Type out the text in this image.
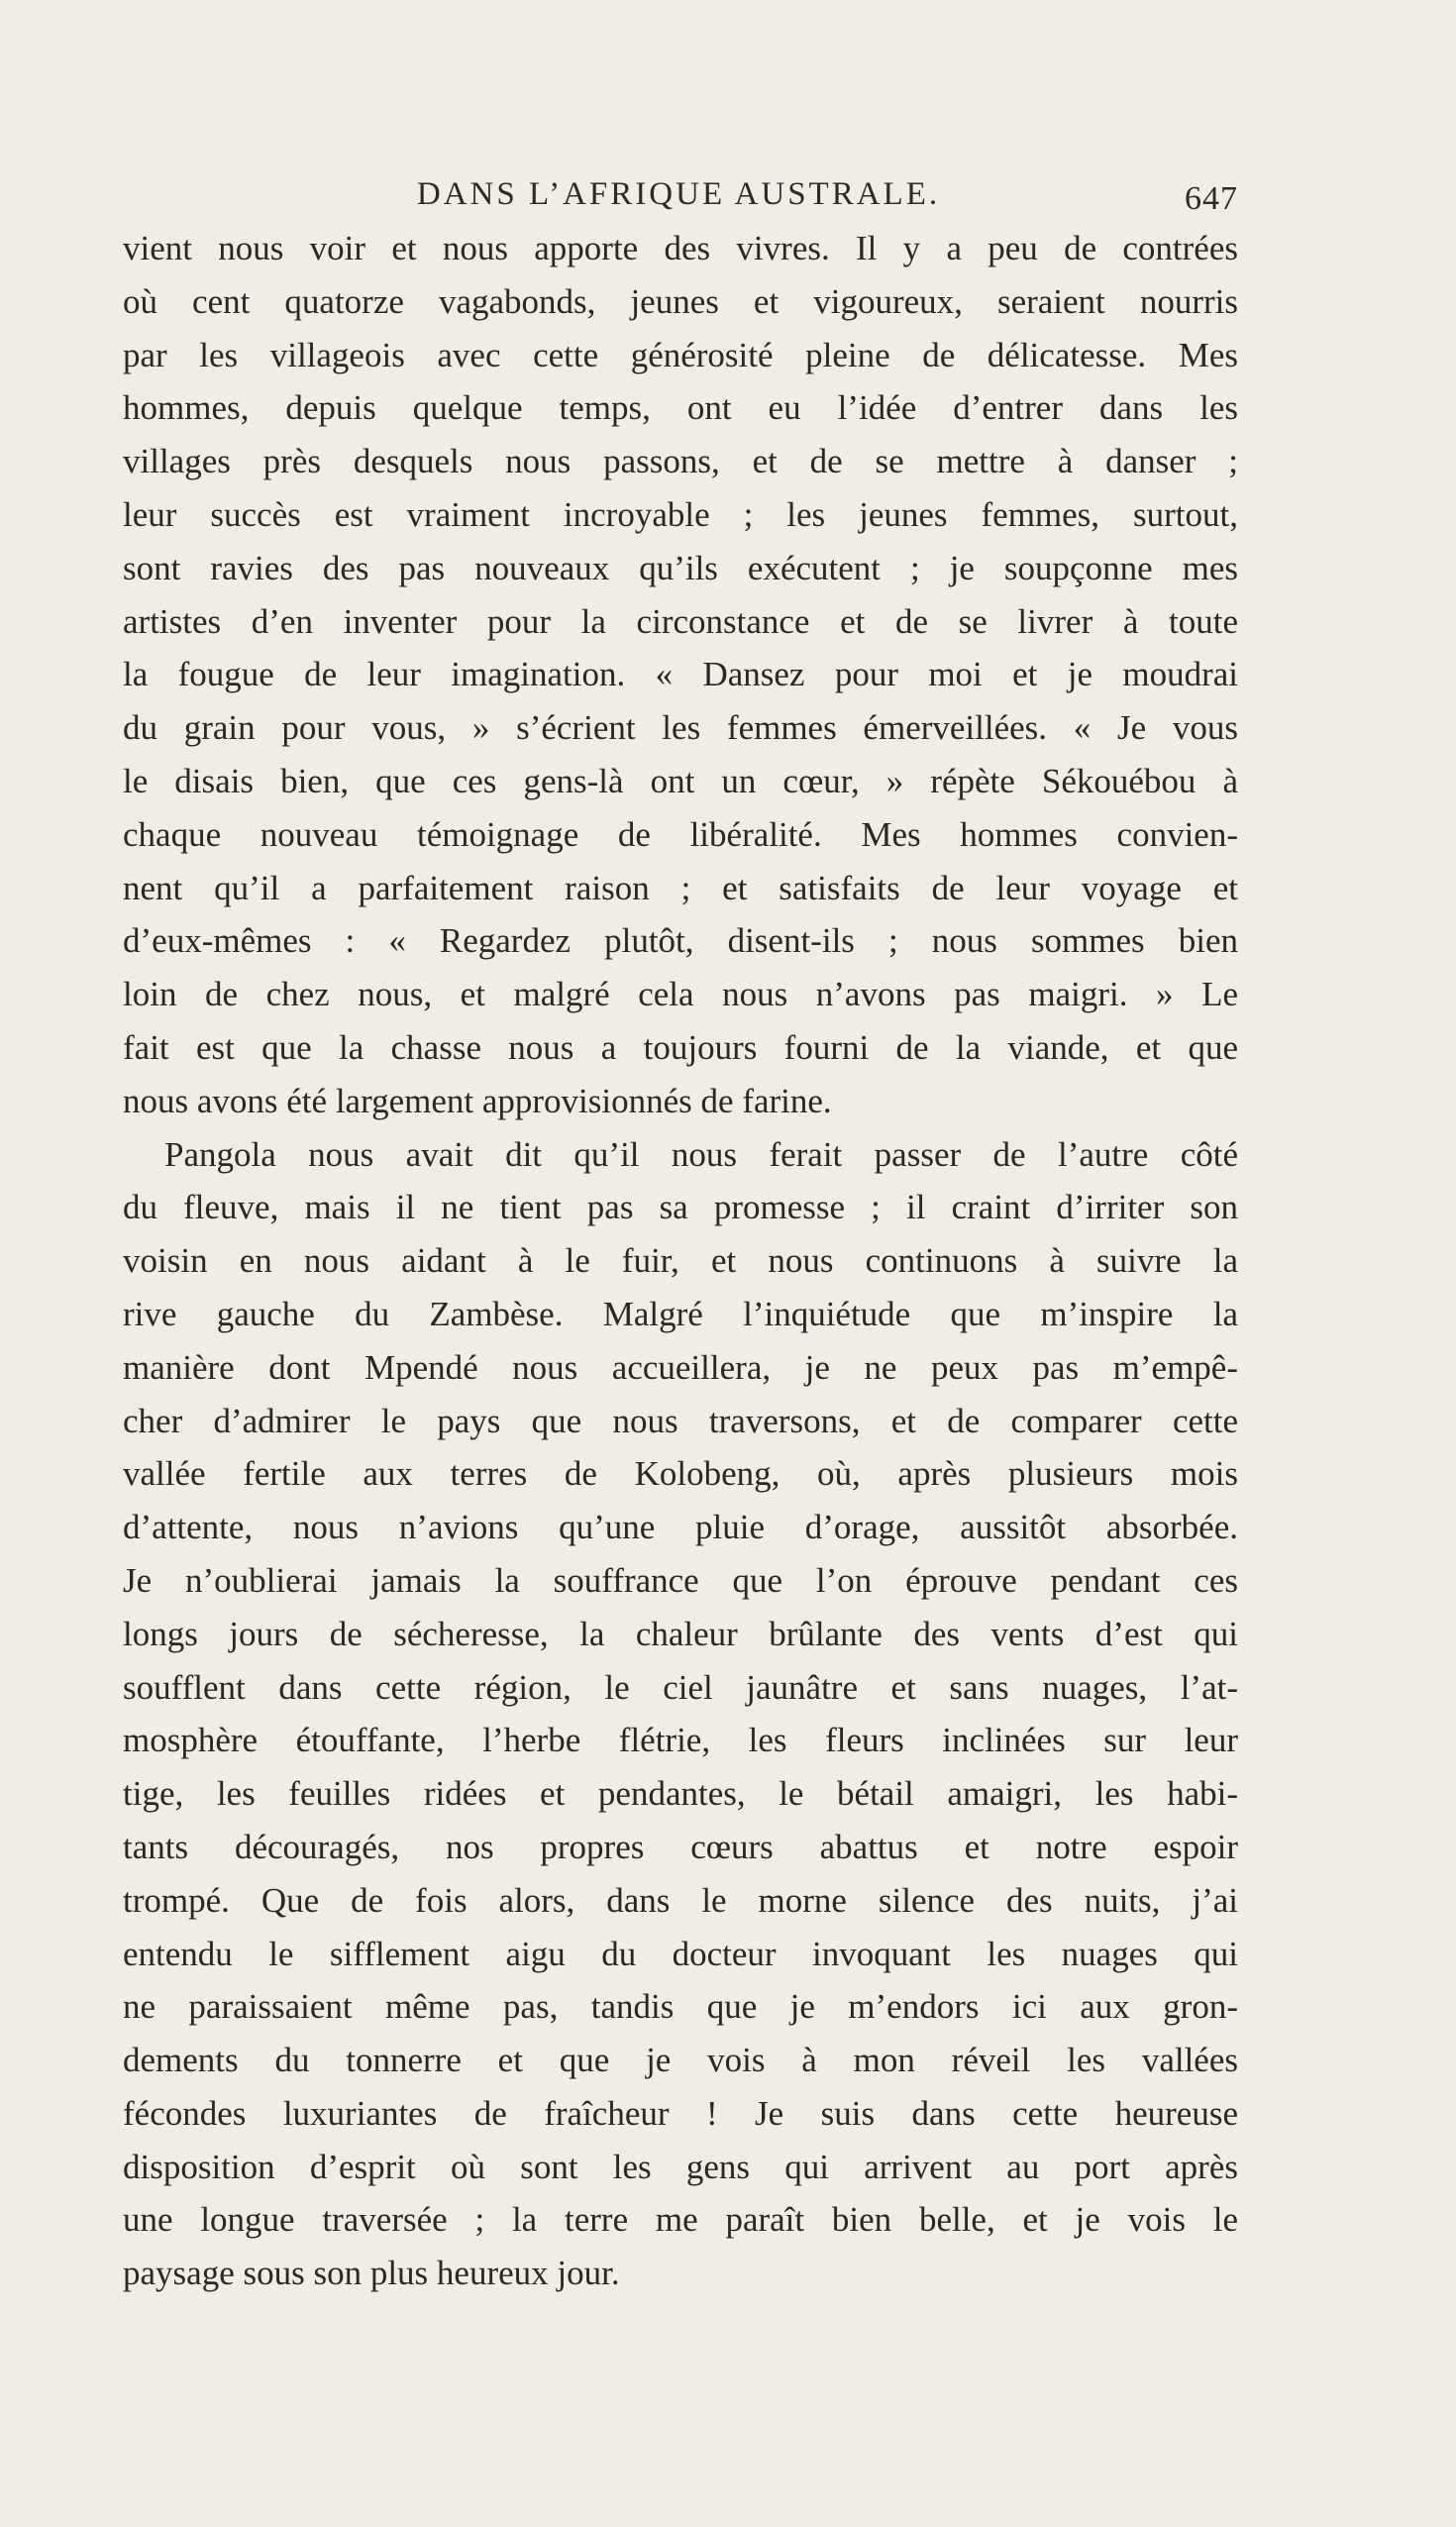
DANS L’AFRIQUE AUSTRALE.	647
vient nous voir et nous apporte des vivres. Il y a peu de contrées
où cent quatorze vagabonds, jeunes et vigoureux, seraient nourris
par les villageois avec cette générosité pleine de délicatesse. Mes
hommes, depuis quelque temps, ont eu l’idée d’entrer dans les
villages près desquels nous passons, et de se mettre à danser ;
leur succès est vraiment incroyable ; les jeunes femmes, surtout,
sont ravies des pas nouveaux qu’ils exécutent ; je soupçonne mes
artistes d’en inventer pour la circonstance et de se livrer à toute
la fougue de leur imagination. « Dansez pour moi et je moudrai
du grain pour vous, » s’écrient les femmes émerveillées. « Je vous
le disais bien, que ces gens-là ont un cœur, » répète Sékouébou à
chaque nouveau témoignage de libéralité. Mes hommes convien-
nent qu’il a parfaitement raison ; et satisfaits de leur voyage et
d’eux-mêmes : « Regardez plutôt, disent-ils ; nous sommes bien
loin de chez nous, et malgré cela nous n’avons pas maigri. » Le
fait est que la chasse nous a toujours fourni de la viande, et que
nous avons été largement approvisionnés de farine.
Pangola nous avait dit qu’il nous ferait passer de l’autre côté
du fleuve, mais il ne tient pas sa promesse ; il craint d’irriter son
voisin en nous aidant à le fuir, et nous continuons à suivre la
rive gauche du Zambèse. Malgré l’inquiétude que m’inspire la
manière dont Mpendé nous accueillera, je ne peux pas m’empê-
cher d’admirer le pays que nous traversons, et de comparer cette
vallée fertile aux terres de Kolobeng, où, après plusieurs mois
d’attente, nous n’avions qu’une pluie d’orage, aussitôt absorbée.
Je n’oublierai jamais la souffrance que l’on éprouve pendant ces
longs jours de sécheresse, la chaleur brûlante des vents d’est qui
soufflent dans cette région, le ciel jaunâtre et sans nuages, l’at-
mosphère étouffante, l’herbe flétrie, les fleurs inclinées sur leur
tige, les feuilles ridées et pendantes, le bétail amaigri, les habi-
tants découragés, nos propres cœurs abattus et notre espoir
trompé. Que de fois alors, dans le morne silence des nuits, j’ai
entendu le sifflement aigu du docteur invoquant les nuages qui
ne paraissaient même pas, tandis que je m’endors ici aux gron-
dements du tonnerre et que je vois à mon réveil les vallées
fécondes luxuriantes de fraîcheur ! Je suis dans cette heureuse
disposition d’esprit où sont les gens qui arrivent au port après
une longue traversée ; la terre me paraît bien belle, et je vois le
paysage sous son plus heureux jour.
